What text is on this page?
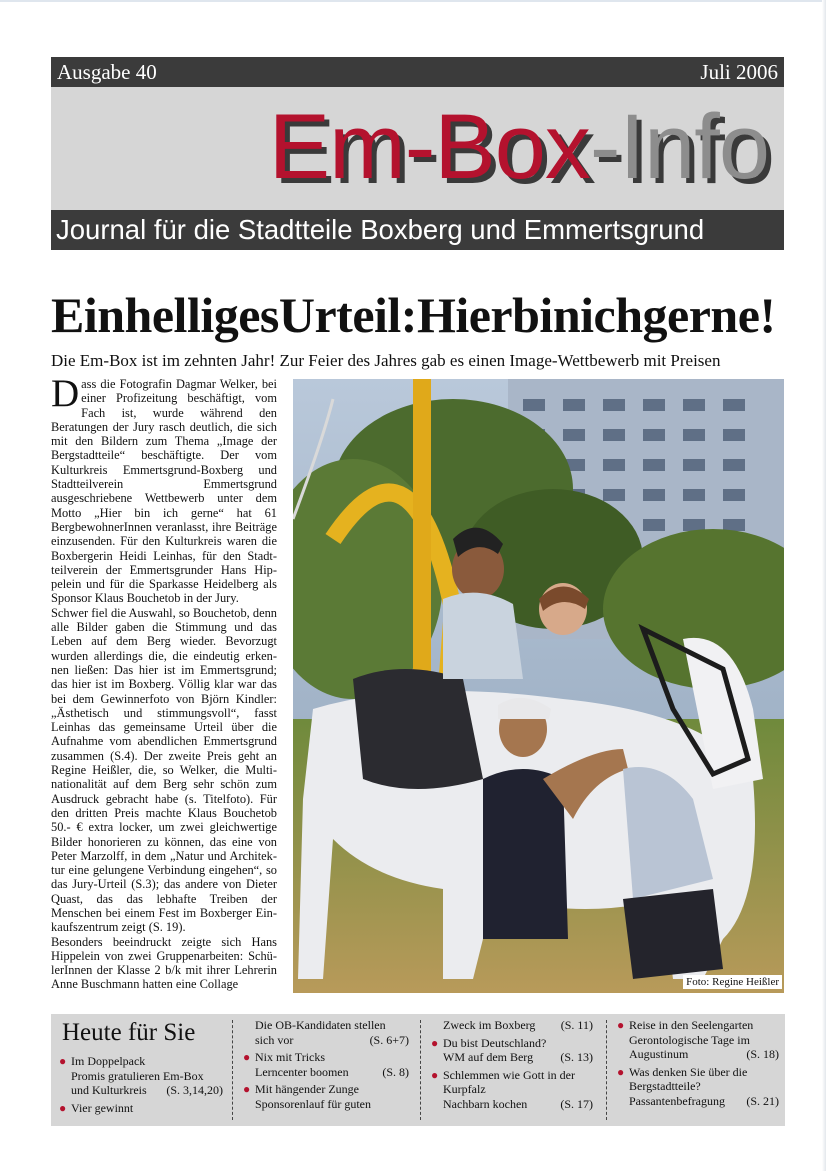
Ausgabe 40	Juli 2006
Em-Box-Info
Journal für die Stadtteile Boxberg und Emmertsgrund
EinhelligesUrteil:Hierbinichgerne!
Die Em-Box ist im zehnten Jahr! Zur Feier des Jahres gab es einen Image-Wettbewerb mit Preisen

Dass die Fotografin Dagmar Welker, bei einer Profizeitung beschäftigt, vom Fach ist, wurde während den Beratungen der Jury rasch deutlich, die sich mit den Bildern zum Thema „Image der Bergstadtteile“ beschäftigte. Der vom Kulturkreis Emmertsgrund-Boxberg und Stadtteilverein Emmertsgrund ausgeschriebene Wettbewerb unter dem Motto „Hier bin ich gerne“ hat 61 BergbewohnerInnen veranlasst, ihre Beiträge einzusenden. Für den Kulturkreis waren die Boxbergerin Heidi Leinhas, für den Stadtteilverein der Emmertsgrunder Hans Hippelein und für die Sparkasse Heidelberg als Sponsor Klaus Bouchetob in der Jury.

Schwer fiel die Auswahl, so Bouchetob, denn alle Bilder gaben die Stimmung und das Leben auf dem Berg wieder. Bevorzugt wurden allerdings die, die eindeutig erkennen ließen: Das hier ist im Emmertsgrund; das hier ist im Boxberg. Völlig klar war das bei dem Gewinnerfoto von Björn Kindler: „Ästhetisch und stimmungsvoll“, fasst Leinhas das gemeinsame Urteil über die Aufnahme vom abendlichen Emmertsgrund zusammen (S.4). Der zweite Preis geht an Regine Heißler, die, so Welker, die Multinationalität auf dem Berg sehr schön zum Ausdruck gebracht habe (s. Titelfoto). Für den dritten Preis machte Klaus Bouchetob 50.- € extra locker, um zwei gleichwertige Bilder honorieren zu können, das eine von Peter Marzolff, in dem „Natur und Architektur eine gelungene Verbindung eingehen“, so das Jury-Urteil (S.3); das andere von Dieter Quast, das das lebhafte Treiben der Menschen bei einem Fest im Boxberger Einkaufszentrum zeigt (S. 19).

Besonders beeindruckt zeigte sich Hans Hippelein von zwei Gruppenarbeiten: SchülerInnen der Klasse 2 b/k mit ihrer Lehrerin Anne Buschmann hatten eine Collage	Foto: Regine Heißler
Heute für Sie
● Im Doppelpack
Promis gratulieren Em-Box
und Kulturkreis (S. 3,14,20)
● Vier gewinnt
Die OB-Kandidaten stellen
sich vor	(S. 6+7)
● Nix mit Tricks
Lerncenter boomen	(S. 8)
● Mit hängender Zunge
Sponsorenlauf für guten
Zweck im Boxberg (S. 11)
● Du bist Deutschland?
WM auf dem Berg (S. 13)
● Schlemmen wie Gott in der
Kurpfalz
Nachbarn kochen	(S. 17)
● Reise in den Seelengarten
Gerontologische Tage im
Augustinum	(S. 18)
● Was denken Sie über die
Bergstadtteile?
Passantenbefragung (S. 21)
